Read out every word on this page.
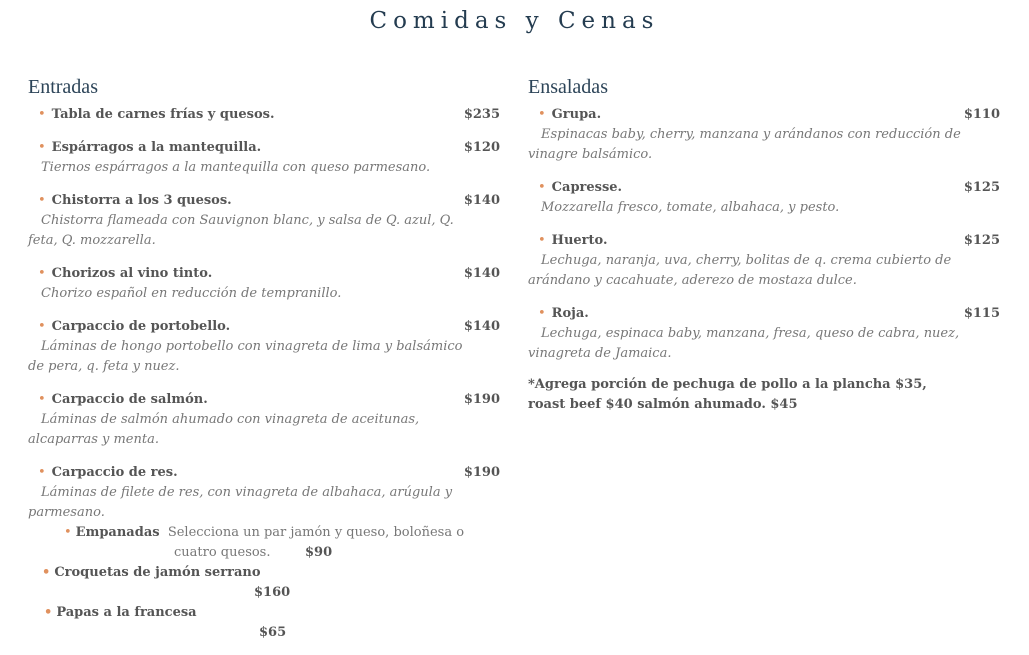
Comidas y Cenas
Entradas
• Tabla de carnes frías y quesos.	$235
• Espárragos a la mantequilla.	$120
Tiernos espárragos a la mantequilla con queso parmesano.
• Chistorra a los 3 quesos.	$140
Chistorra flameada con Sauvignon blanc, y salsa de Q. azul, Q. feta, Q. mozzarella.
• Chorizos al vino tinto.	$140
Chorizo español en reducción de tempranillo.
• Carpaccio de portobello.	$140
Láminas de hongo portobello con vinagreta de lima y balsámico de pera, q. feta y nuez.
• Carpaccio de salmón.	$190
Láminas de salmón ahumado con vinagreta de aceitunas, alcaparras y menta.
• Carpaccio de res.	$190
Láminas de filete de res, con vinagreta de albahaca, arúgula y parmesano.
Ensaladas
• Grupa.	$110
Espinacas baby, cherry, manzana y arándanos con reducción de vinagre balsámico.
• Capresse.	$125
Mozzarella fresco, tomate, albahaca, y pesto.
• Huerto.	$125
Lechuga, naranja, uva, cherry, bolitas de q. crema cubierto de arándano y cacahuate, aderezo de mostaza dulce.
• Roja.	$115
Lechuga, espinaca baby, manzana, fresa, queso de cabra, nuez, vinagreta de Jamaica.
*Agrega porción de pechuga de pollo a la plancha $35, roast beef $40 salmón ahumado. $45
• Empanadas Selecciona un par jamón y queso, boloñesa o
cuatro quesos.	$90
• Croquetas de jamón serrano
$160
• Papas a la francesa
$65
